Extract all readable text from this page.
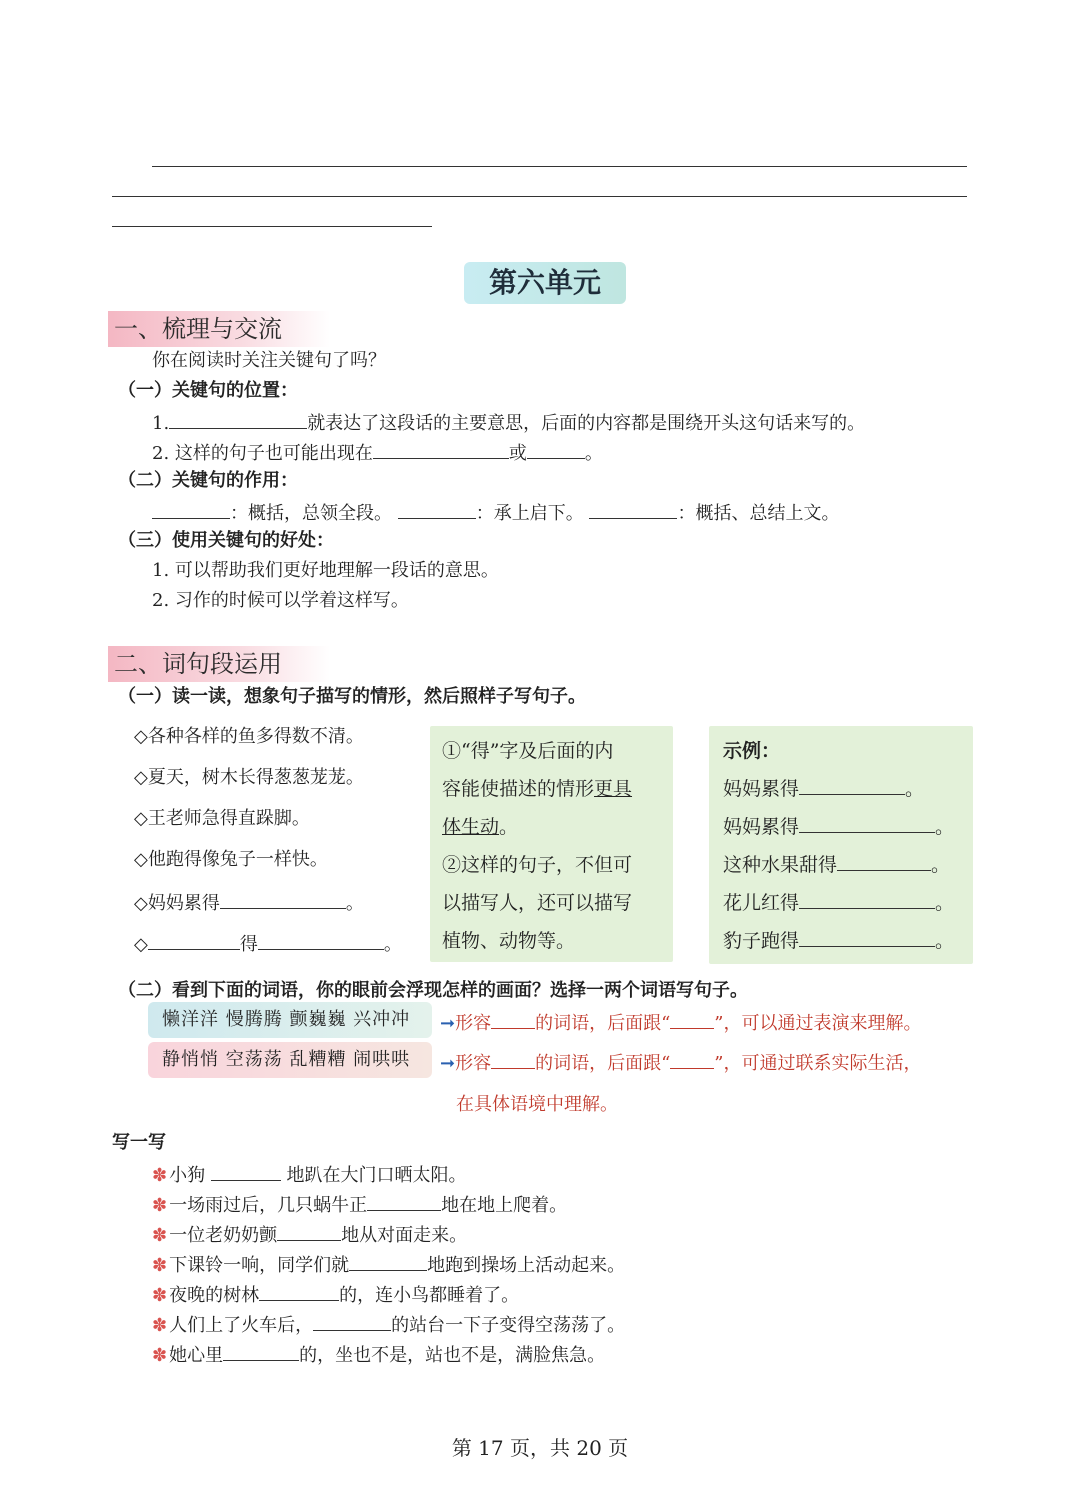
第六单元
一、梳理与交流
你在阅读时关注关键句了吗？
（一）关键句的位置：
1.	就表达了这段话的主要意思，后面的内容都是围绕开头这句话来写的。
2. 这样的句子也可能出现在	或	。
（二）关键句的作用：
：概括，总领全段。	：承上启下。	：概括、总结上文。
（三）使用关键句的好处：
1. 可以帮助我们更好地理解一段话的意思。
2. 习作的时候可以学着这样写。
二、词句段运用
（一）读一读，想象句子描写的情形，然后照样子写句子。
◇各种各样的鱼多得数不清。
◇夏天，树木长得葱葱茏茏。
◇王老师急得直跺脚。
◇他跑得像兔子一样快。
◇妈妈累得	。
◇	得	。
①“得”字及后面的内
容能使描述的情形更具
体生动。
②这样的句子，不但可
以描写人，还可以描写
植物、动物等。
示例：
妈妈累得	。
妈妈累得	。
这种水果甜得	。
花儿红得	。
豹子跑得	。
（二）看到下面的词语，你的眼前会浮现怎样的画面？选择一两个词语写句子。
懒洋洋 慢腾腾 颤巍巍 兴冲冲	➞形容 的词语，后面跟“ ”，可以通过表演来理解。
静悄悄 空荡荡 乱糟糟 闹哄哄	➞形容 的词语，后面跟“ ”，可通过联系实际生活，
在具体语境中理解。
写一写
✽ 小狗	地趴在大门口晒太阳。
✽ 一场雨过后，几只蜗牛正	地在地上爬着。
✽ 一位老奶奶颤	地从对面走来。
✽ 下课铃一响，同学们就	地跑到操场上活动起来。
✽ 夜晚的树林	的，连小鸟都睡着了。
✽ 人们上了火车后，	的站台一下子变得空荡荡了。
✽ 她心里	的，坐也不是，站也不是，满脸焦急。
第 17 页，共 20 页
